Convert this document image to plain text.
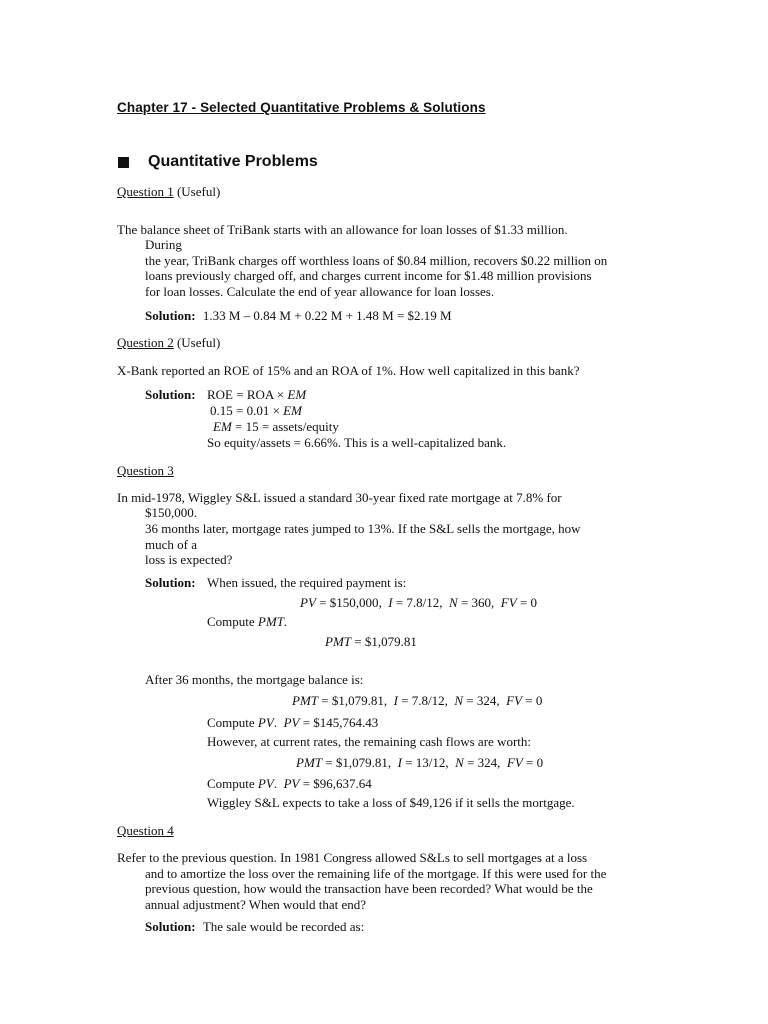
Chapter 17 - Selected Quantitative Problems & Solutions
Quantitative Problems
Question 1 (Useful)
The balance sheet of TriBank starts with an allowance for loan losses of $1.33 million.
During
the year, TriBank charges off worthless loans of $0.84 million, recovers $0.22 million on
loans previously charged off, and charges current income for $1.48 million provisions
for loan losses. Calculate the end of year allowance for loan losses.
Solution: 1.33 M – 0.84 M + 0.22 M + 1.48 M = $2.19 M
Question 2 (Useful)
X-Bank reported an ROE of 15% and an ROA of 1%. How well capitalized in this bank?
Solution: ROE = ROA × EM
0.15 = 0.01 × EM
EM = 15 = assets/equity
So equity/assets = 6.66%. This is a well-capitalized bank.
Question 3
In mid-1978, Wiggley S&L issued a standard 30-year fixed rate mortgage at 7.8% for
$150,000.
36 months later, mortgage rates jumped to 13%. If the S&L sells the mortgage, how
much of a
loss is expected?
Solution: When issued, the required payment is:
PV = $150,000, I = 7.8/12, N = 360, FV = 0
Compute PMT.
PMT = $1,079.81
After 36 months, the mortgage balance is:
PMT = $1,079.81, I = 7.8/12, N = 324, FV = 0
Compute PV.  PV = $145,764.43
However, at current rates, the remaining cash flows are worth:
PMT = $1,079.81, I = 13/12, N = 324, FV = 0
Compute PV.  PV = $96,637.64
Wiggley S&L expects to take a loss of $49,126 if it sells the mortgage.
Question 4
Refer to the previous question. In 1981 Congress allowed S&Ls to sell mortgages at a loss
and to amortize the loss over the remaining life of the mortgage. If this were used for the
previous question, how would the transaction have been recorded? What would be the
annual adjustment? When would that end?
Solution: The sale would be recorded as:
